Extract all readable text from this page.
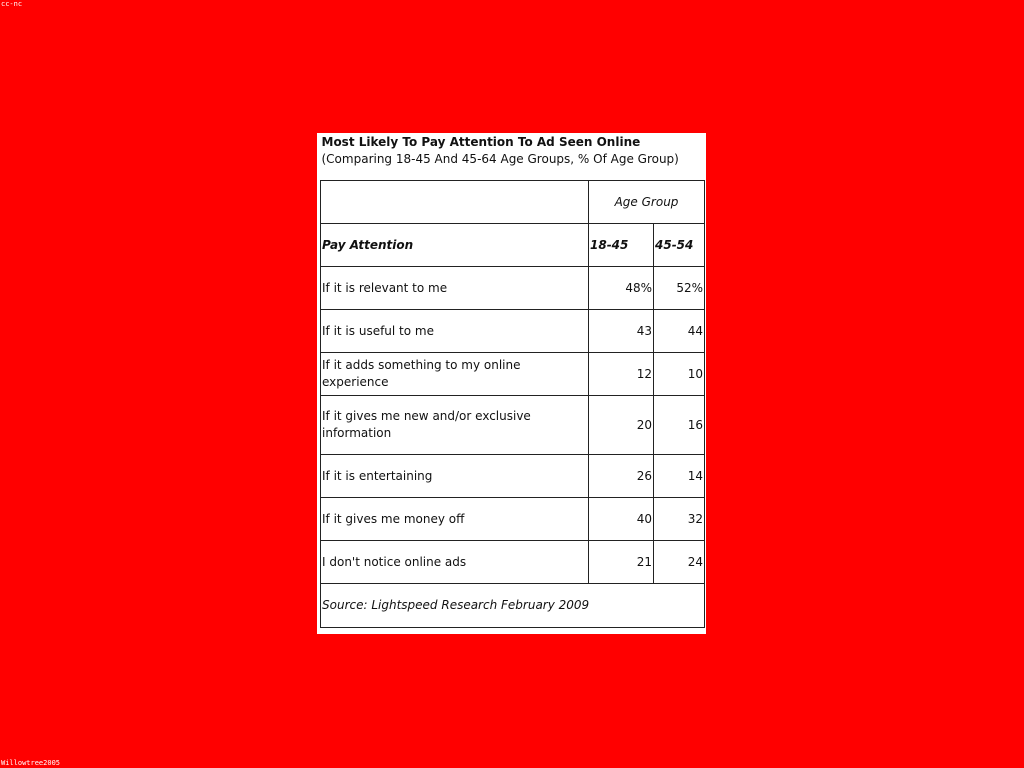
cc-nc
Willowtree2005
Most Likely To Pay Attention To Ad Seen Online (Comparing 18-45 And 45-64 Age Groups, % Of Age Group)		
	Age Group	
Pay Attention	18-45	45-54
If it is relevant to me	48%	52%
If it is useful to me	43	44
If it adds something to my online experience	12	10
If it gives me new and/or exclusive information	20	16
If it is entertaining	26	14
If it gives me money off	40	32
I don't notice online ads	21	24
Source: Lightspeed Research February 2009		
